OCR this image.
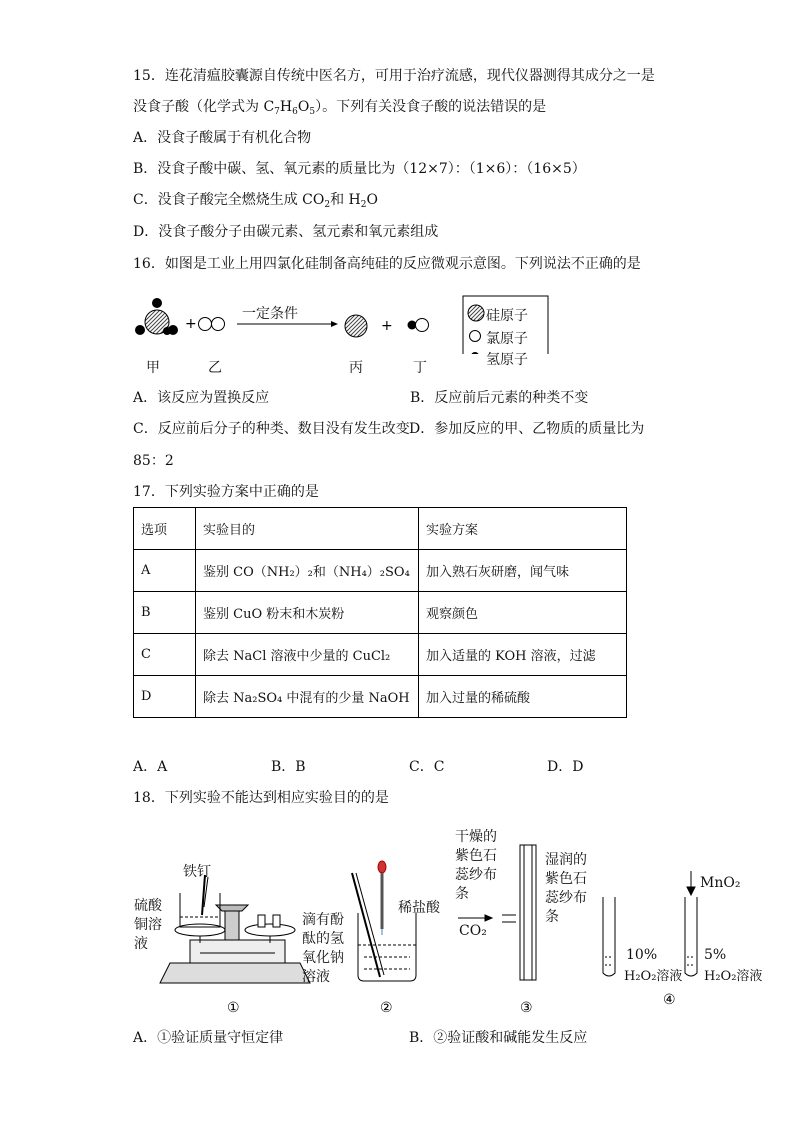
15．连花清瘟胶囊源自传统中医名方，可用于治疗流感，现代仪器测得其成分之一是
没食子酸（化学式为 $C_7H_6O_5$）。下列有关没食子酸的说法错误的是
A．没食子酸属于有机化合物
B．没食子酸中碳、氢、氧元素的质量比为（12×7）：（1×6）：（16×5）
C．没食子酸完全燃烧生成 $CO_2$和 $H_2O$
D．没食子酸分子由碳元素、氢元素和氧元素组成
16．如图是工业上用四氯化硅制备高纯硅的反应微观示意图。下列说法不正确的是
+	+
一定条件
甲	乙	丙	丁
硅原子
氯原子
氢原子
A．该反应为置换反应	B．反应前后元素的种类不变
C．反应前后分子的种类、数目没有发生改变 D．参加反应的甲、乙物质的质量比为
85：2
17．下列实验方案中正确的是
选项	实验目的	实验方案
A	鉴别 CO（NH₂）₂和（NH₄）₂SO₄	加入熟石灰研磨，闻气味
B	鉴别 CuO 粉末和木炭粉	观察颜色
C	除去 NaCl 溶液中少量的 CuCl₂	加入适量的 KOH 溶液，过滤
D	除去 Na₂SO₄ 中混有的少量 NaOH	加入过量的稀硫酸
A．A	B．B	C．C	D．D
18．下列实验不能达到相应实验目的的是
①	②	③	④
铁钉
硫酸
铜溶
液
滴有酚
酞的氢
氧化钠
溶液
稀盐酸
干燥的
紫色石
蕊纱布
条
湿润的
紫色石
蕊纱布
条
CO₂
MnO₂
10%
H₂O₂溶液
5%
H₂O₂溶液
A．①验证质量守恒定律	B．②验证酸和碱能发生反应
